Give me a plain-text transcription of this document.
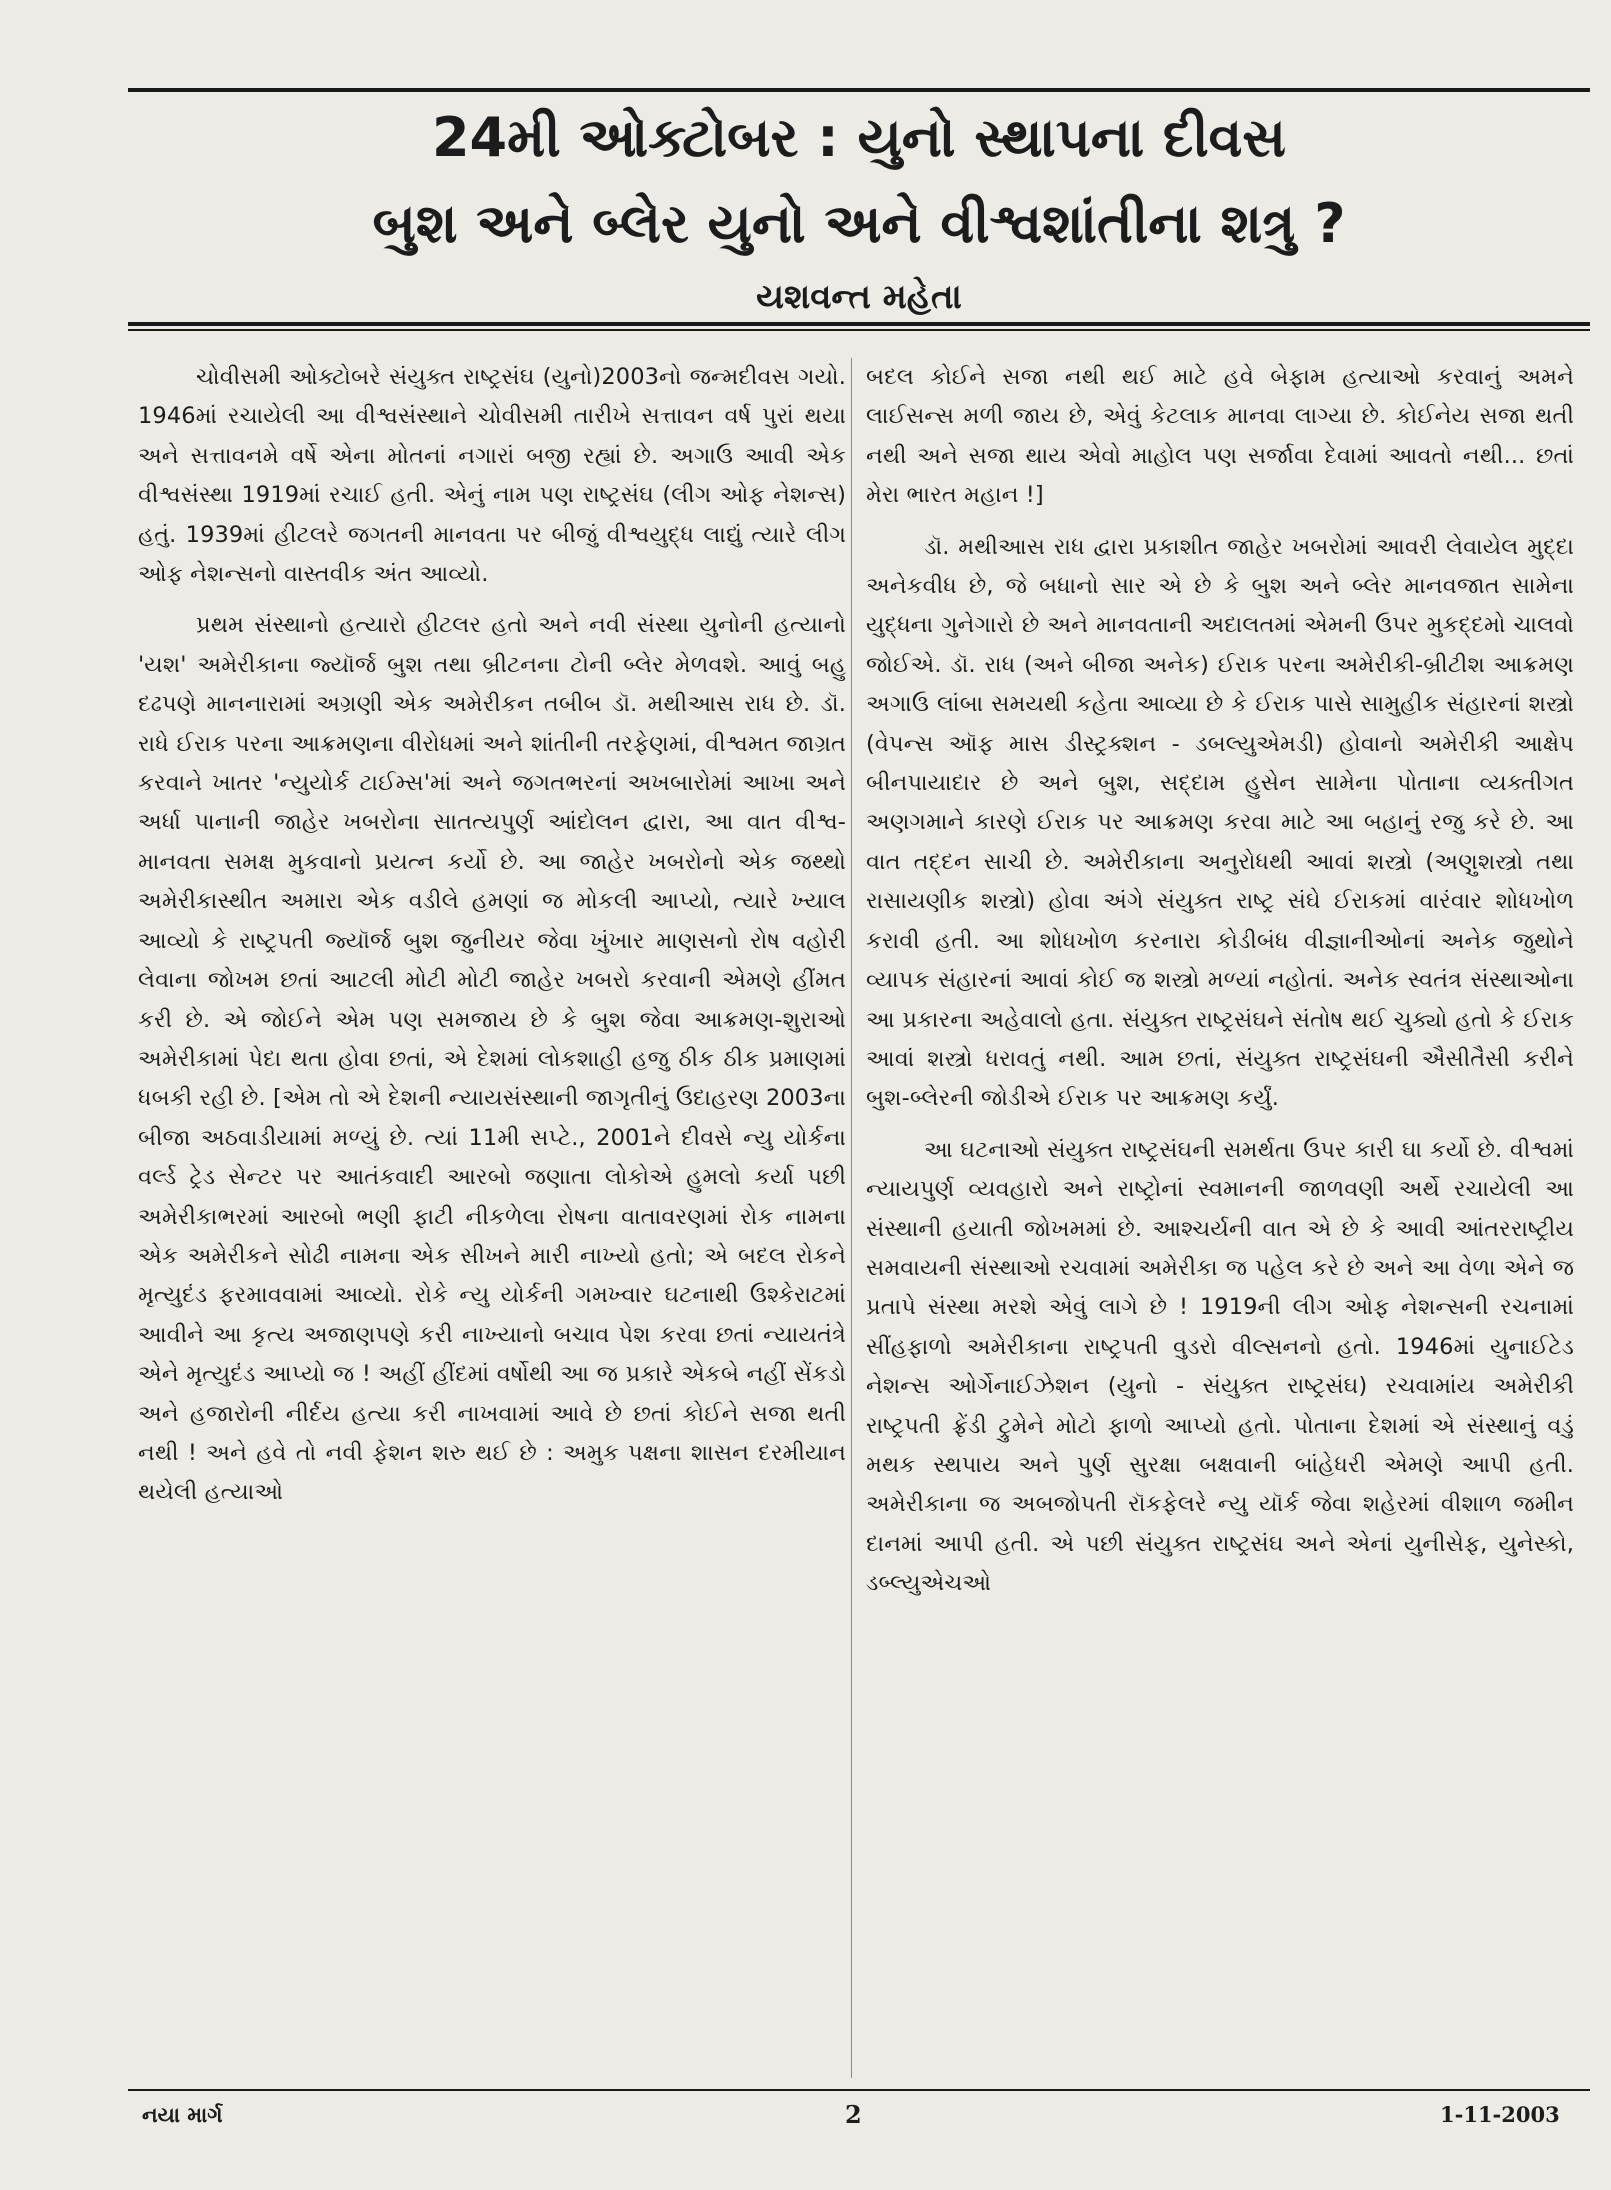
24મી ઓક્ટોબર : યુનો સ્થાપના દીવસ
બુશ અને બ્લેર યુનો અને વીશ્વશાંતીના શત્રુ ?
યશવન્ત મહેતા

ચોવીસમી ઓક્ટોબરે સંયુક્ત રાષ્ટ્રસંઘ (યુનો)2003નો જન્મદીવસ ગયો. 1946માં રચાયેલી આ વીશ્વસંસ્થાને ચોવીસમી તારીખે સત્તાવન વર્ષ પુરાં થયા અને સત્તાવનમે વર્ષે એના મોતનાં નગારાં બજી રહ્યાં છે. અગાઉ આવી એક વીશ્વસંસ્થા 1919માં રચાઈ હતી. એનું નામ પણ રાષ્ટ્રસંઘ (લીગ ઓફ નેશન્સ) હતું. 1939માં હીટલરે જગતની માનવતા પર બીજું વીશ્વયુદ્ધ લાદ્યું ત્યારે લીગ ઓફ નેશન્સનો વાસ્તવીક અંત આવ્યો.

પ્રથમ સંસ્થાનો હત્યારો હીટલર હતો અને નવી સંસ્થા યુનોની હત્યાનો 'યશ' અમેરીકાના જ્યૉર્જ બુશ તથા બ્રીટનના ટોની બ્લેર મેળવશે. આવું બહુ દઢપણે માનનારામાં અગ્રણી એક અમેરીકન તબીબ ડૉ. મથીઆસ રાધ છે. ડૉ. રાધે ઈરાક પરના આક્રમણના વીરોધમાં અને શાંતીની તરફેણમાં, વીશ્વમત જાગ્રત કરવાને ખાતર 'ન્યુયોર્ક ટાઈમ્સ'માં અને જગતભરનાં અખબારોમાં આખા અને અર્ધા પાનાની જાહેર ખબરોના સાતત્યપુર્ણ આંદોલન દ્વારા, આ વાત વીશ્વ-માનવતા સમક્ષ મુકવાનો પ્રયત્ન કર્યો છે. આ જાહેર ખબરોનો એક જથ્થો અમેરીકાસ્થીત અમારા એક વડીલે હમણાં જ મોકલી આપ્યો, ત્યારે ખ્યાલ આવ્યો કે રાષ્ટ્રપતી જ્યૉર્જ બુશ જુનીયર જેવા ખુંખાર માણસનો રોષ વહોરી લેવાના જોખમ છતાં આટલી મોટી મોટી જાહેર ખબરો કરવાની એમણે હીંમત કરી છે. એ જોઈને એમ પણ સમજાય છે કે બુશ જેવા આક્રમણ-શુરાઓ અમેરીકામાં પેદા થતા હોવા છતાં, એ દેશમાં લોકશાહી હજુ ઠીક ઠીક પ્રમાણમાં ધબકી રહી છે. [એમ તો એ દેશની ન્યાયસંસ્થાની જાગૃતીનું ઉદાહરણ 2003ના બીજા અઠવાડીયામાં મળ્યું છે. ત્યાં 11મી સપ્ટે., 2001ને દીવસે ન્યુ યોર્કના વર્લ્ડ ટ્રેડ સેન્ટર પર આતંકવાદી આરબો જણાતા લોકોએ હુમલો કર્યા પછી અમેરીકાભરમાં આરબો ભણી ફાટી નીકળેલા રોષના વાતાવરણમાં રોક નામના એક અમેરીકને સોઢી નામના એક સીખને મારી નાખ્યો હતો; એ બદલ રોકને મૃત્યુદંડ ફરમાવવામાં આવ્યો. રોકે ન્યુ યોર્કની ગમખ્વાર ઘટનાથી ઉશ્કેરાટમાં આવીને આ કૃત્ય અજાણપણે કરી નાખ્યાનો બચાવ પેશ કરવા છતાં ન્યાયતંત્રે એને મૃત્યુદંડ આપ્યો જ ! અહીં હીંદમાં વર્ષોથી આ જ પ્રકારે એકબે નહીં સેંકડો અને હજારોની નીર્દય હત્યા કરી નાખવામાં આવે છે છતાં કોઈને સજા થતી નથી ! અને હવે તો નવી ફેશન શરુ થઈ છે : અમુક પક્ષના શાસન દરમીયાન થયેલી હત્યાઓ

બદલ કોઈને સજા નથી થઈ માટે હવે બેફામ હત્યાઓ કરવાનું અમને લાઈસન્સ મળી જાય છે, એવું કેટલાક માનવા લાગ્યા છે. કોઈનેય સજા થતી નથી અને સજા થાય એવો માહોલ પણ સર્જાવા દેવામાં આવતો નથી... છતાં મેરા ભારત મહાન !]

ડૉ. મથીઆસ રાધ દ્વારા પ્રકાશીત જાહેર ખબરોમાં આવરી લેવાયેલ મુદ્દા અનેકવીધ છે, જે બધાનો સાર એ છે કે બુશ અને બ્લેર માનવજાત સામેના યુદ્ધના ગુનેગારો છે અને માનવતાની અદાલતમાં એમની ઉપર મુકદ્દમો ચાલવો જોઈએ. ડૉ. રાધ (અને બીજા અનેક) ઈરાક પરના અમેરીકી-બ્રીટીશ આક્રમણ અગાઉ લાંબા સમયથી કહેતા આવ્યા છે કે ઈરાક પાસે સામુહીક સંહારનાં શસ્ત્રો (વેપન્સ ઑફ માસ ડીસ્ટ્રક્શન - ડબલ્યુએમડી) હોવાનો અમેરીકી આક્ષેપ બીનપાયાદાર છે અને બુશ, સદ્દામ હુસેન સામેના પોતાના વ્યક્તીગત અણગમાને કારણે ઈરાક પર આક્રમણ કરવા માટે આ બહાનું રજુ કરે છે. આ વાત તદ્દન સાચી છે. અમેરીકાના અનુરોધથી આવાં શસ્ત્રો (અણુશસ્ત્રો તથા રાસાયણીક શસ્ત્રો) હોવા અંગે સંયુક્ત રાષ્ટ્ર સંઘે ઈરાકમાં વારંવાર શોધખોળ કરાવી હતી. આ શોધખોળ કરનારા કોડીબંધ વીજ્ઞાનીઓનાં અનેક જુથોને વ્યાપક સંહારનાં આવાં કોઈ જ શસ્ત્રો મળ્યાં નહોતાં. અનેક સ્વતંત્ર સંસ્થાઓના આ પ્રકારના અહેવાલો હતા. સંયુક્ત રાષ્ટ્રસંઘને સંતોષ થઈ ચુક્યો હતો કે ઈરાક આવાં શસ્ત્રો ધરાવતું નથી. આમ છતાં, સંયુક્ત રાષ્ટ્રસંઘની ઐસીતૈસી કરીને બુશ-બ્લેરની જોડીએ ઈરાક પર આક્રમણ કર્યું.

આ ઘટનાઓ સંયુક્ત રાષ્ટ્રસંઘની સમર્થતા ઉપર કારી ઘા કર્યો છે. વીશ્વમાં ન્યાયપુર્ણ વ્યવહારો અને રાષ્ટ્રોનાં સ્વમાનની જાળવણી અર્થે રચાયેલી આ સંસ્થાની હયાતી જોખમમાં છે. આશ્ચર્યની વાત એ છે કે આવી આંતરરાષ્ટ્રીય સમવાયની સંસ્થાઓ રચવામાં અમેરીકા જ પહેલ કરે છે અને આ વેળા એને જ પ્રતાપે સંસ્થા મરશે એવું લાગે છે ! 1919ની લીગ ઓફ નેશન્સની રચનામાં સીંહફાળો અમેરીકાના રાષ્ટ્રપતી વુડરો વીલ્સનનો હતો. 1946માં યુનાઈટેડ નેશન્સ ઓર્ગેનાઈઝેશન (યુનો - સંયુક્ત રાષ્ટ્રસંઘ) રચવામાંય અમેરીકી રાષ્ટ્રપતી ફ્રેંડી ટ્રુમેને મોટો ફાળો આપ્યો હતો. પોતાના દેશમાં એ સંસ્થાનું વડું મથક સ્થપાય અને પુર્ણ સુરક્ષા બક્ષવાની બાંહેધરી એમણે આપી હતી. અમેરીકાના જ અબજોપતી રૉકફેલરે ન્યુ યૉર્ક જેવા શહેરમાં વીશાળ જમીન દાનમાં આપી હતી. એ પછી સંયુક્ત રાષ્ટ્રસંઘ અને એનાં યુનીસેફ, યુનેસ્કો, ડબ્લ્યુએચઓ

નયા માર્ગ	2	1-11-2003
